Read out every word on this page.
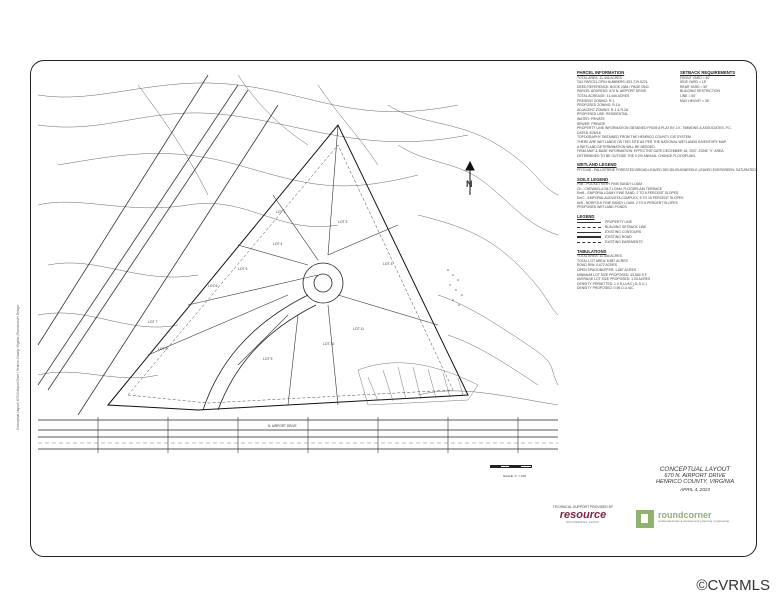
Conceptual Layout | 670 N Airport Drive | Henrico County, Virginia | Roundcorner Design
LOT 1
LOT 2
LOT 3
LOT 4
LOT 5
LOT 6
LOT 7
LOT 8
LOT 9
LOT 10
LOT 11
N
N. AIRPORT DRIVE
SCALE: 1" = 100'
PARCEL INFORMATION
TOTAL AREA: 11.446 ACRES
TAX PARCEL GPIN NUMBERS: 823-719-9221
DEED REFERENCE: BOOK 2384 / PAGE 0541
PARCEL ADDRESS: 670 N. AIRPORT DRIVE
TOTAL ACREAGE: 11.446 ACRES
PRESENT ZONING: R-1
PROPOSED ZONING: R-1A
ADJACENT ZONING: R-1 & R-2A
PROPOSED USE: RESIDENTIAL
WATER: PRIVATE
SEWER: PRIVATE
PROPERTY LINE INFORMATION OBTAINED FROM A PLAT BY J.K. TIMMONS & ASSOCIATES, P.C.
DATED 3/26/18
TOPOGRAPHY OBTAINED FROM THE HENRICO COUNTY GIS SYSTEM
THERE ARE WETLANDS ON THIS SITE AS PER THE NATIONAL WETLANDS INVENTORY MAP.
A WETLAND DETERMINATION WILL BE NEEDED.
FEMA MAP & BASE INFORMATION: EFFECTIVE DATE DECEMBER 18, 2007. ZONE "X" AREA
DETERMINED TO BE OUTSIDE THE 0.2% ANNUAL CHANCE FLOODPLAIN.
SETBACK REQUIREMENTS
FRONT YARD = 40'
SIDE YARD = 15'
REAR YARD = 50'
BUILDING RESTRICTION
LINE = 50'
MAX HEIGHT = 35'
WETLAND LEGEND
PFO1/4B - PALUSTRINE FORESTED BROAD-LEAVED DECIDUOUS/NEEDLE-LEAVED EVERGREEN, SATURATED
SOILS LEGEND
PcB - POCKET VERY FINE SANDY LOAM
Ch - CHEWACLA SILT LOAM, FLOODPLAIN TERRACE
EmB - EMPORIA LOAMY FINE SAND, 2 TO 6 PERCENT SLOPES
EmC - EMPORIA-AUGUSTA COMPLEX, 6 TO 15 PERCENT SLOPES
NrB - NORFOLK FINE SANDY LOAM, 2 TO 6 PERCENT SLOPES
PROPOSED WETLAND PONDS
LEGEND
PROPERTY LINE
BUILDING SETBACK LINE
EXISTING CONTOURS
EXISTING ROAD
EXISTING EASEMENTS
TABULATIONS
TOTAL AREA: 11.446 ACRES
TOTAL LOT AREA: 8.887 ACRES
ROAD R/W: 0.672 ACRES
OPEN SPACE/BUFFER: 1.887 ACRES
MINIMUM LOT SIZE PROPOSED: 43,560 S.F.
AVERAGE LOT SIZE PROPOSED: 1.00 ACRES
DENSITY PERMITTED: 1.0 D.U./AC (11 D.U.)
DENSITY PROPOSED: 0.96 D.U./AC
CONCEPTUAL LAYOUT
670 N. AIRPORT DRIVE
HENRICO COUNTY, VIRGINIA
APRIL 4, 2023
TECHNICAL SUPPORT PROVIDED BY
resource
ENGINEERING GROUP
roundcorner
residential design & development | planning | engineering
©CVRMLS
